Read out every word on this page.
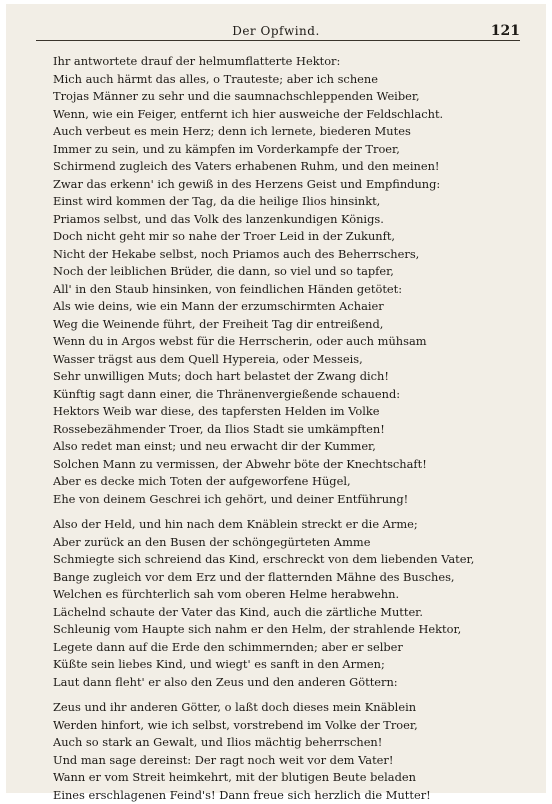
Der Opfwind.	121
Ihr antwortete drauf der helmumflatterte Hektor:
Mich auch härmt das alles, o Trauteste; aber ich schene
Trojas Männer zu sehr und die saumnachschleppenden Weiber,
Wenn, wie ein Feiger, entfernt ich hier ausweiche der Feldschlacht.
Auch verbeut es mein Herz; denn ich lernete, biederen Mutes
Immer zu sein, und zu kämpfen im Vorderkampfe der Troer,
Schirmend zugleich des Vaters erhabenen Ruhm, und den meinen!
Zwar das erkenn' ich gewiß in des Herzens Geist und Empfindung:
Einst wird kommen der Tag, da die heilige Ilios hinsinkt,
Priamos selbst, und das Volk des lanzenkundigen Königs.
Doch nicht geht mir so nahe der Troer Leid in der Zukunft,
Nicht der Hekabe selbst, noch Priamos auch des Beherrschers,
Noch der leiblichen Brüder, die dann, so viel und so tapfer,
All' in den Staub hinsinken, von feindlichen Händen getötet:
Als wie deins, wie ein Mann der erzumschirmten Achaier
Weg die Weinende führt, der Freiheit Tag dir entreißend,
Wenn du in Argos webst für die Herrscherin, oder auch mühsam
Wasser trägst aus dem Quell Hypereia, oder Messeis,
Sehr unwilligen Muts; doch hart belastet der Zwang dich!
Künftig sagt dann einer, die Thränenvergießende schauend:
Hektors Weib war diese, des tapfersten Helden im Volke
Rossebezähmender Troer, da Ilios Stadt sie umkämpften!
Also redet man einst; und neu erwacht dir der Kummer,
Solchen Mann zu vermissen, der Abwehr böte der Knechtschaft!
Aber es decke mich Toten der aufgeworfene Hügel,
Ehe von deinem Geschrei ich gehört, und deiner Entführung!
Also der Held, und hin nach dem Knäblein streckt er die Arme;
Aber zurück an den Busen der schöngegürteten Amme
Schmiegte sich schreiend das Kind, erschreckt von dem liebenden Vater,
Bange zugleich vor dem Erz und der flatternden Mähne des Busches,
Welchen es fürchterlich sah vom oberen Helme herabwehn.
Lächelnd schaute der Vater das Kind, auch die zärtliche Mutter.
Schleunig vom Haupte sich nahm er den Helm, der strahlende Hektor,
Legete dann auf die Erde den schimmernden; aber er selber
Küßte sein liebes Kind, und wiegt' es sanft in den Armen;
Laut dann fleht' er also den Zeus und den anderen Göttern:
Zeus und ihr anderen Götter, o laßt doch dieses mein Knäblein
Werden hinfort, wie ich selbst, vorstrebend im Volke der Troer,
Auch so stark an Gewalt, und Ilios mächtig beherrschen!
Und man sage dereinst: Der ragt noch weit vor dem Vater!
Wann er vom Streit heimkehrt, mit der blutigen Beute beladen
Eines erschlagenen Feind's! Dann freue sich herzlich die Mutter!
